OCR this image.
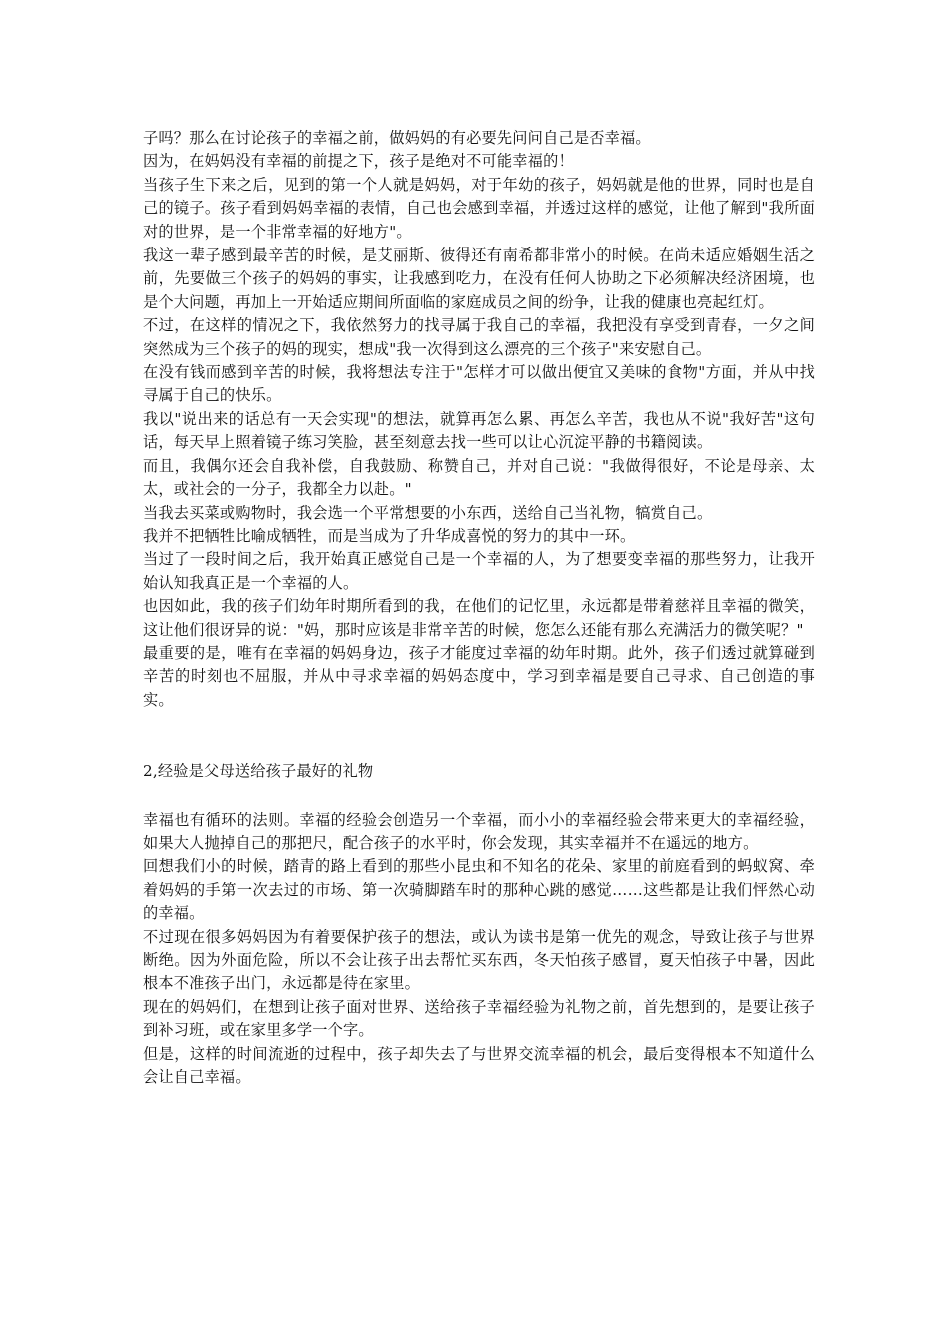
子吗？那么在讨论孩子的幸福之前，做妈妈的有必要先问问自己是否幸福。

因为，在妈妈没有幸福的前提之下，孩子是绝对不可能幸福的！

当孩子生下来之后，见到的第一个人就是妈妈，对于年幼的孩子，妈妈就是他的世界，同时也是自己的镜子。孩子看到妈妈幸福的表情，自己也会感到幸福，并透过这样的感觉，让他了解到"我所面对的世界，是一个非常幸福的好地方"。

我这一辈子感到最辛苦的时候，是艾丽斯、彼得还有南希都非常小的时候。在尚未适应婚姻生活之前，先要做三个孩子的妈妈的事实，让我感到吃力，在没有任何人协助之下必须解决经济困境，也是个大问题，再加上一开始适应期间所面临的家庭成员之间的纷争，让我的健康也亮起红灯。

不过，在这样的情况之下，我依然努力的找寻属于我自己的幸福，我把没有享受到青春，一夕之间突然成为三个孩子的妈的现实，想成"我一次得到这么漂亮的三个孩子"来安慰自己。

在没有钱而感到辛苦的时候，我将想法专注于"怎样才可以做出便宜又美味的食物"方面，并从中找寻属于自己的快乐。

我以"说出来的话总有一天会实现"的想法，就算再怎么累、再怎么辛苦，我也从不说"我好苦"这句话，每天早上照着镜子练习笑脸，甚至刻意去找一些可以让心沉淀平静的书籍阅读。

而且，我偶尔还会自我补偿，自我鼓励、称赞自己，并对自己说："我做得很好，不论是母亲、太太，或社会的一分子，我都全力以赴。"

当我去买菜或购物时，我会选一个平常想要的小东西，送给自己当礼物，犒赏自己。

我并不把牺牲比喻成牺牲，而是当成为了升华成喜悦的努力的其中一环。

当过了一段时间之后，我开始真正感觉自己是一个幸福的人，为了想要变幸福的那些努力，让我开始认知我真正是一个幸福的人。

也因如此，我的孩子们幼年时期所看到的我，在他们的记忆里，永远都是带着慈祥且幸福的微笑，这让他们很讶异的说："妈，那时应该是非常辛苦的时候，您怎么还能有那么充满活力的微笑呢？"

最重要的是，唯有在幸福的妈妈身边，孩子才能度过幸福的幼年时期。此外，孩子们透过就算碰到辛苦的时刻也不屈服，并从中寻求幸福的妈妈态度中，学习到幸福是要自己寻求、自己创造的事实。

2,经验是父母送给孩子最好的礼物

幸福也有循环的法则。幸福的经验会创造另一个幸福，而小小的幸福经验会带来更大的幸福经验，如果大人抛掉自己的那把尺，配合孩子的水平时，你会发现，其实幸福并不在遥远的地方。

回想我们小的时候，踏青的路上看到的那些小昆虫和不知名的花朵、家里的前庭看到的蚂蚁窝、牵着妈妈的手第一次去过的市场、第一次骑脚踏车时的那种心跳的感觉……这些都是让我们怦然心动的幸福。

不过现在很多妈妈因为有着要保护孩子的想法，或认为读书是第一优先的观念，导致让孩子与世界断绝。因为外面危险，所以不会让孩子出去帮忙买东西，冬天怕孩子感冒，夏天怕孩子中暑，因此根本不准孩子出门，永远都是待在家里。

现在的妈妈们，在想到让孩子面对世界、送给孩子幸福经验为礼物之前，首先想到的，是要让孩子到补习班，或在家里多学一个字。

但是，这样的时间流逝的过程中，孩子却失去了与世界交流幸福的机会，最后变得根本不知道什么会让自己幸福。
